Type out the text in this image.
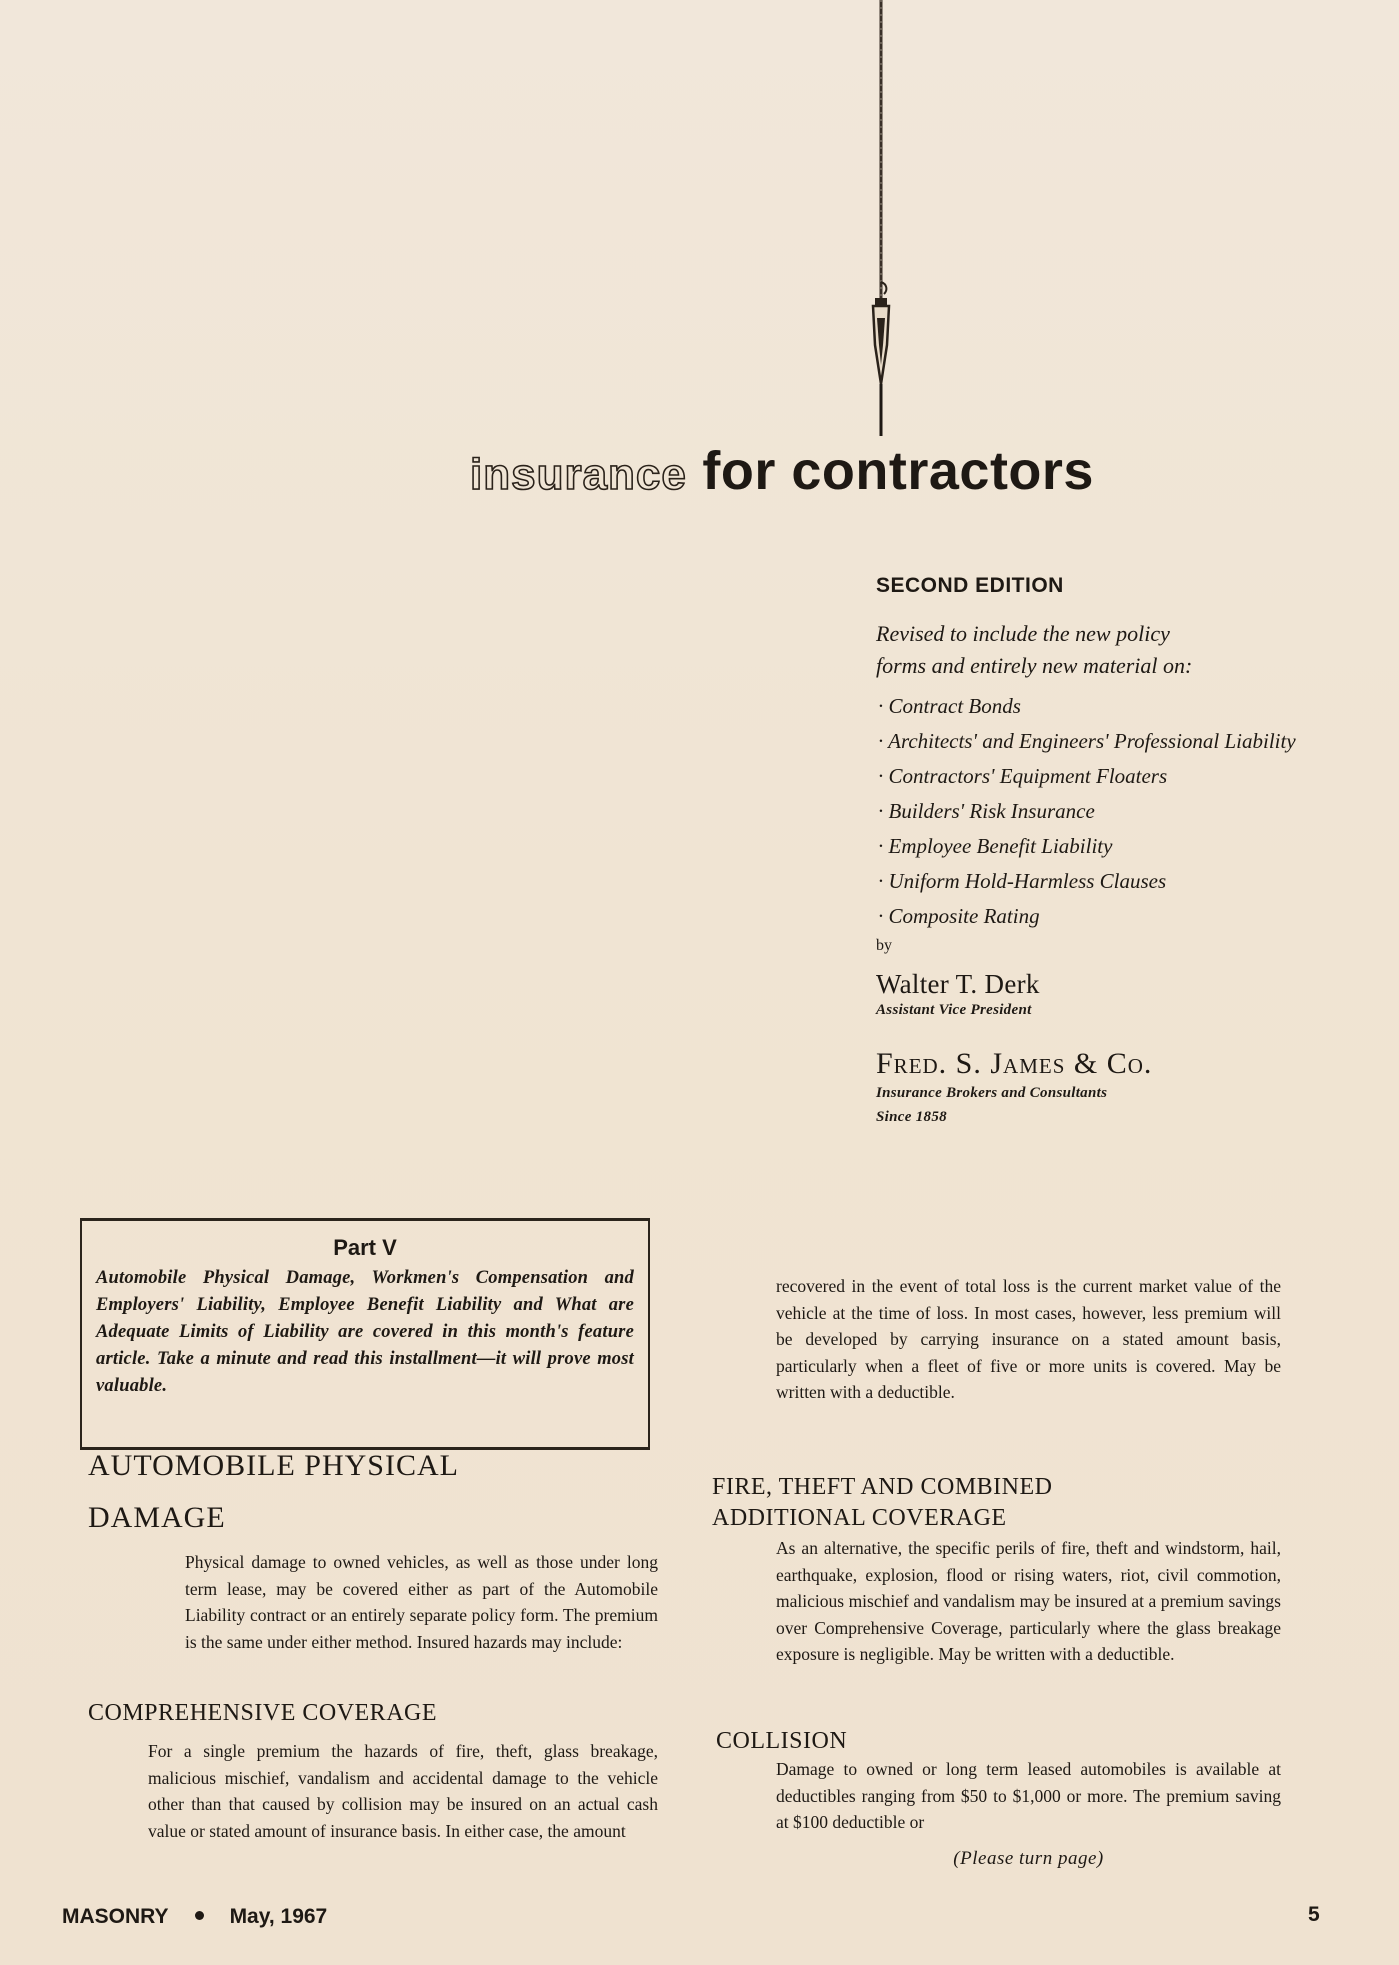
insurance for contractors
SECOND EDITION
Revised to include the new policy
forms and entirely new material on:
· Contract Bonds
· Architects' and Engineers' Professional Liability
· Contractors' Equipment Floaters
· Builders' Risk Insurance
· Employee Benefit Liability
· Uniform Hold-Harmless Clauses
· Composite Rating
by
Walter T. Derk
Assistant Vice President
Fred. S. James & Co.
Insurance Brokers and Consultants
Since 1858
Part V
Automobile Physical Damage, Workmen's Compensation and Employers' Liability, Employee Benefit Liability and What are Adequate Limits of Liability are covered in this month's feature article. Take a minute and read this installment—it will prove most valuable.
AUTOMOBILE PHYSICAL
DAMAGE

Physical damage to owned vehicles, as well as those under long term lease, may be covered either as part of the Automobile Liability contract or an entirely separate policy form. The premium is the same under either method. Insured hazards may include:

COMPREHENSIVE COVERAGE

For a single premium the hazards of fire, theft, glass breakage, malicious mischief, vandalism and accidental damage to the vehicle other than that caused by collision may be insured on an actual cash value or stated amount of insurance basis. In either case, the amount

recovered in the event of total loss is the current market value of the vehicle at the time of loss. In most cases, however, less premium will be developed by carrying insurance on a stated amount basis, particularly when a fleet of five or more units is covered. May be written with a deductible.

FIRE, THEFT AND COMBINED
ADDITIONAL COVERAGE

As an alternative, the specific perils of fire, theft and windstorm, hail, earthquake, explosion, flood or rising waters, riot, civil commotion, malicious mischief and vandalism may be insured at a premium savings over Comprehensive Coverage, particularly where the glass breakage exposure is negligible. May be written with a deductible.

COLLISION

Damage to owned or long term leased automobiles is available at deductibles ranging from $50 to $1,000 or more. The premium saving at $100 deductible or

(Please turn page)
MASONRY	May, 1967	5
